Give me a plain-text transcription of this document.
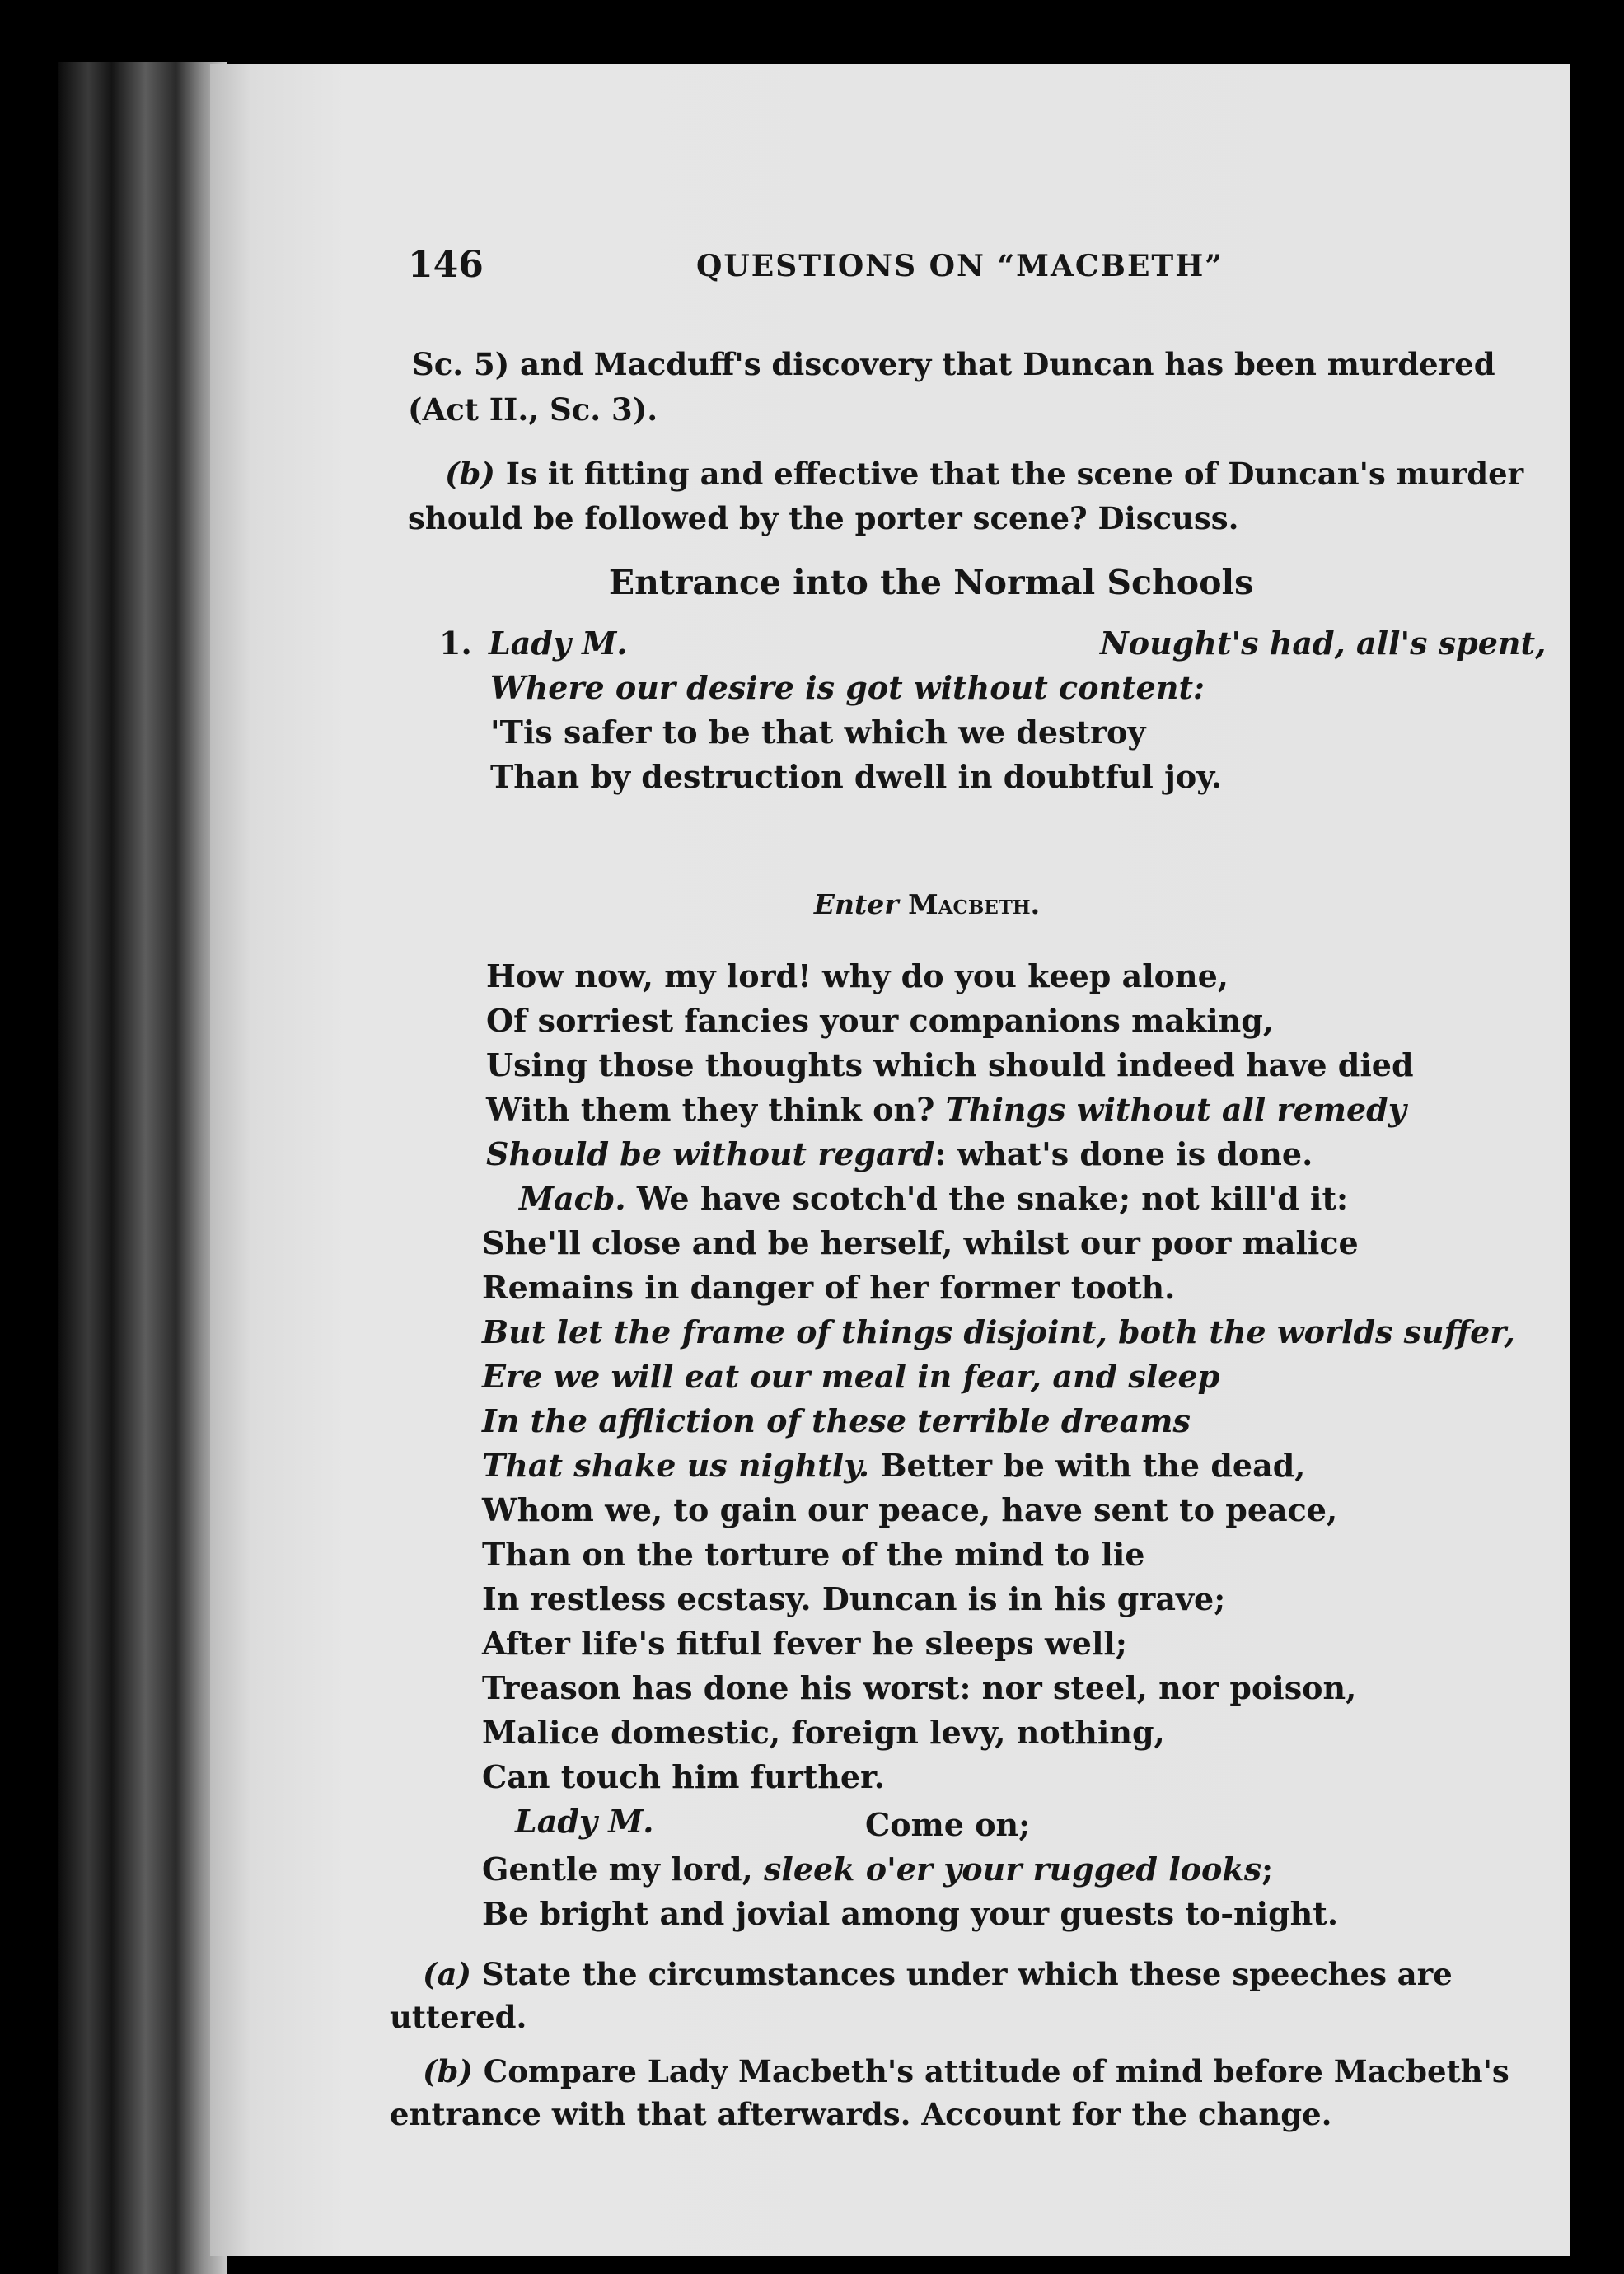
146	QUESTIONS ON “MACBETH”

Sc. 5) and Macduff's discovery that Duncan has been murdered

(Act II., Sc. 3).

(b) Is it fitting and effective that the scene of Duncan's murder

should be followed by the porter scene? Discuss.

Entrance into the Normal Schools

1. Lady M.	Nought's had, all's spent,

Where our desire is got without content:

'Tis safer to be that which we destroy

Than by destruction dwell in doubtful joy.

Enter Macbeth.

How now, my lord! why do you keep alone,

Of sorriest fancies your companions making,

Using those thoughts which should indeed have died

With them they think on? Things without all remedy

Should be without regard: what's done is done.

Macb. We have scotch'd the snake; not kill'd it:

She'll close and be herself, whilst our poor malice

Remains in danger of her former tooth.

But let the frame of things disjoint, both the worlds suffer,

Ere we will eat our meal in fear, and sleep

In the affliction of these terrible dreams

That shake us nightly. Better be with the dead,

Whom we, to gain our peace, have sent to peace,

Than on the torture of the mind to lie

In restless ecstasy. Duncan is in his grave;

After life's fitful fever he sleeps well;

Treason has done his worst: nor steel, nor poison,

Malice domestic, foreign levy, nothing,

Can touch him further.

Lady M.	Come on;

Gentle my lord, sleek o'er your rugged looks;

Be bright and jovial among your guests to-night.

(a) State the circumstances under which these speeches are

uttered.

(b) Compare Lady Macbeth's attitude of mind before Macbeth's

entrance with that afterwards. Account for the change.
